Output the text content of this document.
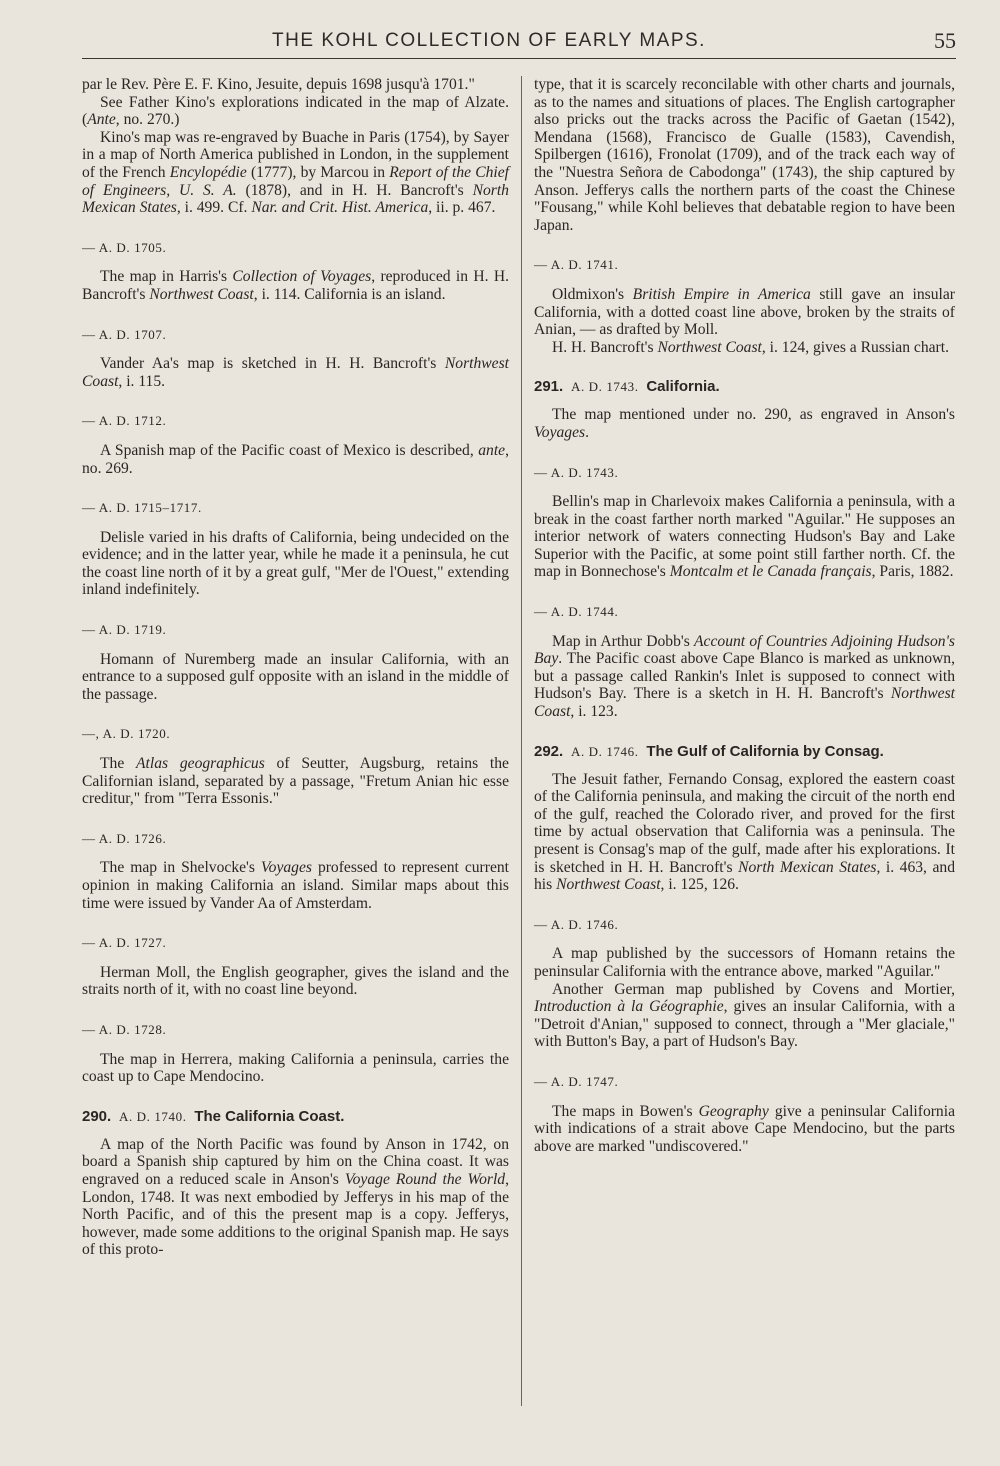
THE KOHL COLLECTION OF EARLY MAPS.	55

par le Rev. Père E. F. Kino, Jesuite, depuis 1698 jusqu'à 1701."

See Father Kino's explorations indicated in the map of Alzate. (Ante, no. 270.)

Kino's map was re-engraved by Buache in Paris (1754), by Sayer in a map of North America published in London, in the supplement of the French Encylopédie (1777), by Marcou in Report of the Chief of Engineers, U. S. A. (1878), and in H. H. Bancroft's North Mexican States, i. 499. Cf. Nar. and Crit. Hist. America, ii. p. 467.

— A. D. 1705.

The map in Harris's Collection of Voyages, reproduced in H. H. Bancroft's Northwest Coast, i. 114. California is an island.

— A. D. 1707.

Vander Aa's map is sketched in H. H. Bancroft's Northwest Coast, i. 115.

— A. D. 1712.

A Spanish map of the Pacific coast of Mexico is described, ante, no. 269.

— A. D. 1715–1717.

Delisle varied in his drafts of California, being undecided on the evidence; and in the latter year, while he made it a peninsula, he cut the coast line north of it by a great gulf, "Mer de l'Ouest," extending inland indefinitely.

— A. D. 1719.

Homann of Nuremberg made an insular California, with an entrance to a supposed gulf opposite with an island in the middle of the passage.

—, A. D. 1720.

The Atlas geographicus of Seutter, Augsburg, retains the Californian island, separated by a passage, "Fretum Anian hic esse creditur," from "Terra Essonis."

— A. D. 1726.

The map in Shelvocke's Voyages professed to represent current opinion in making California an island. Similar maps about this time were issued by Vander Aa of Amsterdam.

— A. D. 1727.

Herman Moll, the English geographer, gives the island and the straits north of it, with no coast line beyond.

— A. D. 1728.

The map in Herrera, making California a peninsula, carries the coast up to Cape Mendocino.

290. A. D. 1740. The California Coast.

A map of the North Pacific was found by Anson in 1742, on board a Spanish ship captured by him on the China coast. It was engraved on a reduced scale in Anson's Voyage Round the World, London, 1748. It was next embodied by Jefferys in his map of the North Pacific, and of this the present map is a copy. Jefferys, however, made some additions to the original Spanish map. He says of this proto-

type, that it is scarcely reconcilable with other charts and journals, as to the names and situations of places. The English cartographer also pricks out the tracks across the Pacific of Gaetan (1542), Mendana (1568), Francisco de Gualle (1583), Cavendish, Spilbergen (1616), Fronolat (1709), and of the track each way of the "Nuestra Señora de Cabodonga" (1743), the ship captured by Anson. Jefferys calls the northern parts of the coast the Chinese "Fousang," while Kohl believes that debatable region to have been Japan.

— A. D. 1741.

Oldmixon's British Empire in America still gave an insular California, with a dotted coast line above, broken by the straits of Anian, — as drafted by Moll.

H. H. Bancroft's Northwest Coast, i. 124, gives a Russian chart.

291. A. D. 1743. California.

The map mentioned under no. 290, as engraved in Anson's Voyages.

— A. D. 1743.

Bellin's map in Charlevoix makes California a peninsula, with a break in the coast farther north marked "Aguilar." He supposes an interior network of waters connecting Hudson's Bay and Lake Superior with the Pacific, at some point still farther north. Cf. the map in Bonnechose's Montcalm et le Canada français, Paris, 1882.

— A. D. 1744.

Map in Arthur Dobb's Account of Countries Adjoining Hudson's Bay. The Pacific coast above Cape Blanco is marked as unknown, but a passage called Rankin's Inlet is supposed to connect with Hudson's Bay. There is a sketch in H. H. Bancroft's Northwest Coast, i. 123.

292. A. D. 1746. The Gulf of California by Consag.

The Jesuit father, Fernando Consag, explored the eastern coast of the California peninsula, and making the circuit of the north end of the gulf, reached the Colorado river, and proved for the first time by actual observation that California was a peninsula. The present is Consag's map of the gulf, made after his explorations. It is sketched in H. H. Bancroft's North Mexican States, i. 463, and his Northwest Coast, i. 125, 126.

— A. D. 1746.

A map published by the successors of Homann retains the peninsular California with the entrance above, marked "Aguilar."

Another German map published by Covens and Mortier, Introduction à la Géographie, gives an insular California, with a "Detroit d'Anian," supposed to connect, through a "Mer glaciale," with Button's Bay, a part of Hudson's Bay.

— A. D. 1747.

The maps in Bowen's Geography give a peninsular California with indications of a strait above Cape Mendocino, but the parts above are marked "undiscovered."
